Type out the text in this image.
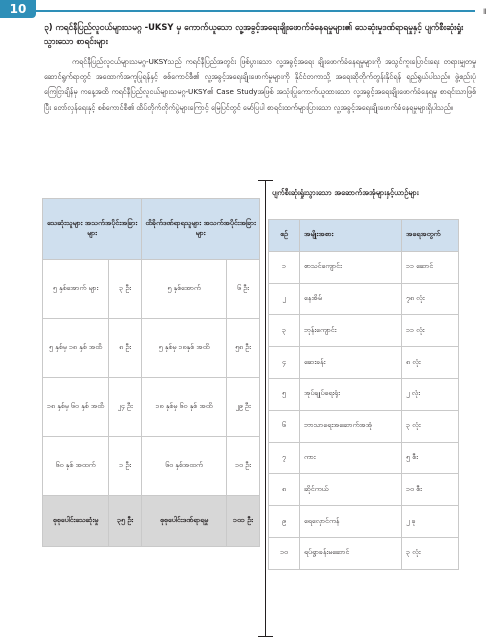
10	။
၃) ကရင်နီပြည်လူငယ်များသမဂ္ဂ -UKSY မှ ကောက်ယူသော လူ့အခွင့်အရေးချိုးဖောက်ခံနေရမှုများ၏ သေဆုံးမှုဒဏ်ရာရမှုနှင့် ပျက်စီးဆုံးရှုံးသွားသော စာရင်းများ
ကရင်နီပြည်လူငယ်များသမဂ္ဂ-UKSYသည် ကရင်နီပြည်အတွင်း ဖြစ်ပွားသော လူ့အခွင့်အရေး ချိုးဖောက်ခံနေရမှုများကို အသွင်ကူးပြောင်းရေး တရားမျှတမှုဆောင်ရွက်ရာတွင် အထောက်အကူပြုရန်နှင့် စစ်ကောင်စီ၏ လူ့အခွင့်အရေးချိုးဖောက်မှုများကို နိုင်ငံတကာသို့ အရေးဆိုတိုက်တွန်းနိုင်ရန် ရည်ရွယ်ပါသည်။ ဖွဲ့စည်းပုံ ကြေငြာချိန်မှ ကနေ့အထိ ကရင်နီပြည်လူငယ်များသမဂ္ဂ-UKSY၏ Case Studyအဖြစ် အသုံးပြုကောက်ယူထားသော လူ့အခွင့်အရေးချိုးဖောက်ခံနေရမှု စာရင်းသာဖြစ်ပြီး တော်လှန်ရေးနှင့် စစ်ကောင်စီ၏ ထိပ်တိုက်တိုက်ပွဲများကြောင့် မြေပြင်တွင် မော်ပြပါ စာရင်းထက်များပြားသော လူ့အခွင့်အရေးချိုးဖောက်ခံနေရမှုများရှိပါသည်။
သေဆုံးသူများ အသက်အပိုင်းအခြားများ		ထိခိုက်ဒဏ်ရာရသူများ အသက်အပိုင်းအခြား များ	
၅ နှစ်အောက် များ	၃ ဦး	၅ နှစ်အောက်	၆ ဦး
၅ နှစ်မှ ၁၈ နှစ် အထိ	၈ ဦး	၅ နှစ်မှ ၁၈နှစ် အထိ	၅၈ ဦး
၁၈ နှစ်မှ ၆၀ နှစ် အထိ	၂၄ ဦး	၁၈ နှစ်မှ ၆၀ နှစ် အထိ	၂၉ ဦး
၆၀ နှစ် အထက်	၁ ဦး	၆၀ နှစ်အထက်	၁၀ ဦး
စုစုပေါင်းသေဆုံးမှု	၃၅ ဦး	စုစုပေါင်းဒဏ်ရာရမှု	၁၀၁ ဦး
ပျက်စီးဆုံးရှုံးသွားသော အဆောက်အအုံများနှင့်ယာဉ်များ
စဥ်	အမျိုးအစား	အရေအတွက်
၁	စာသင်ကျောင်း	၁၁ ဆောင်
၂	နေအိမ်	၇၈ လုံး
၃	ဘုန်းကျောင်း	၁၁ လုံး
၄	ဆေးခန်း	၈ လုံး
၅	အုပ်ချုပ်ရေးရုံး	၂ လုံး
၆	ဘာသာရေးအဆောက်အအုံ	၃ လုံး
၇	ကား	၅ စီး
၈	ဆိုင်ကယ်	၁၀ စီး
၉	ရေလှောင်ကန်	၂ ခု
၁၀	ရပ်ရွာခန်းမဆောင်	၃ လုံး
